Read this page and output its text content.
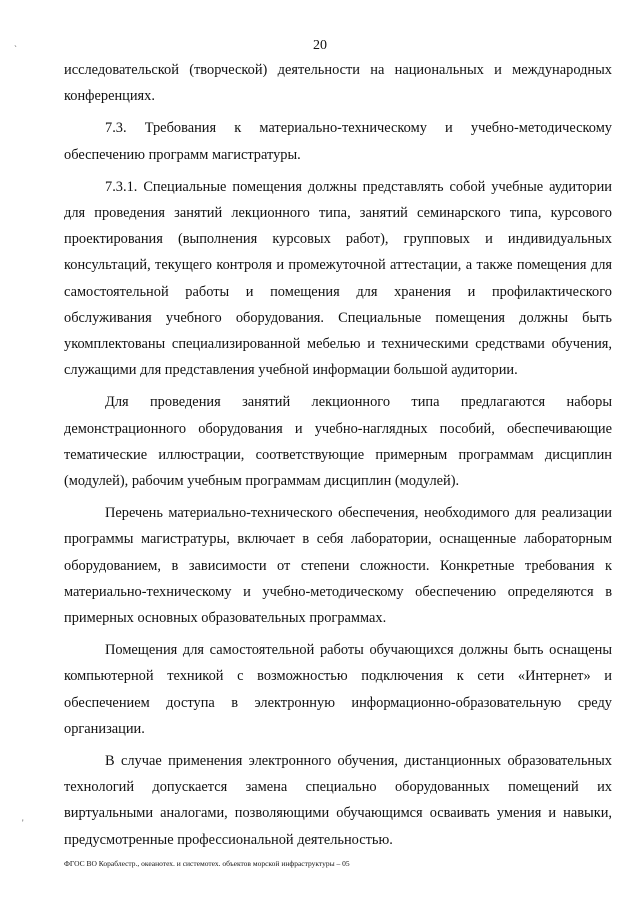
`
'
20

исследовательской (творческой) деятельности на национальных и международных конференциях.

7.3. Требования к материально-техническому и учебно-методическому обеспечению программ магистратуры.

7.3.1. Специальные помещения должны представлять собой учебные аудитории для проведения занятий лекционного типа, занятий семинарского типа, курсового проектирования (выполнения курсовых работ), групповых и индивидуальных консультаций, текущего контроля и промежуточной аттестации, а также помещения для самостоятельной работы и помещения для хранения и профилактического обслуживания учебного оборудования. Специальные помещения должны быть укомплектованы специализированной мебелью и техническими средствами обучения, служащими для представления учебной информации большой аудитории.

Для проведения занятий лекционного типа предлагаются наборы демонстрационного оборудования и учебно-наглядных пособий, обеспечивающие тематические иллюстрации, соответствующие примерным программам дисциплин (модулей), рабочим учебным программам дисциплин (модулей).

Перечень материально-технического обеспечения, необходимого для реализации программы магистратуры, включает в себя лаборатории, оснащенные лабораторным оборудованием, в зависимости от степени сложности. Конкретные требования к материально-техническому и учебно-методическому обеспечению определяются в примерных основных образовательных программах.

Помещения для самостоятельной работы обучающихся должны быть оснащены компьютерной техникой с возможностью подключения к сети «Интернет» и обеспечением доступа в электронную информационно-образовательную среду организации.

В случае применения электронного обучения, дистанционных образовательных технологий допускается замена специально оборудованных помещений их виртуальными аналогами, позволяющими обучающимся осваивать умения и навыки, предусмотренные профессиональной деятельностью.

ФГОС ВО Кораблестр., океанотех. и системотех. объектов морской инфраструктуры – 05
